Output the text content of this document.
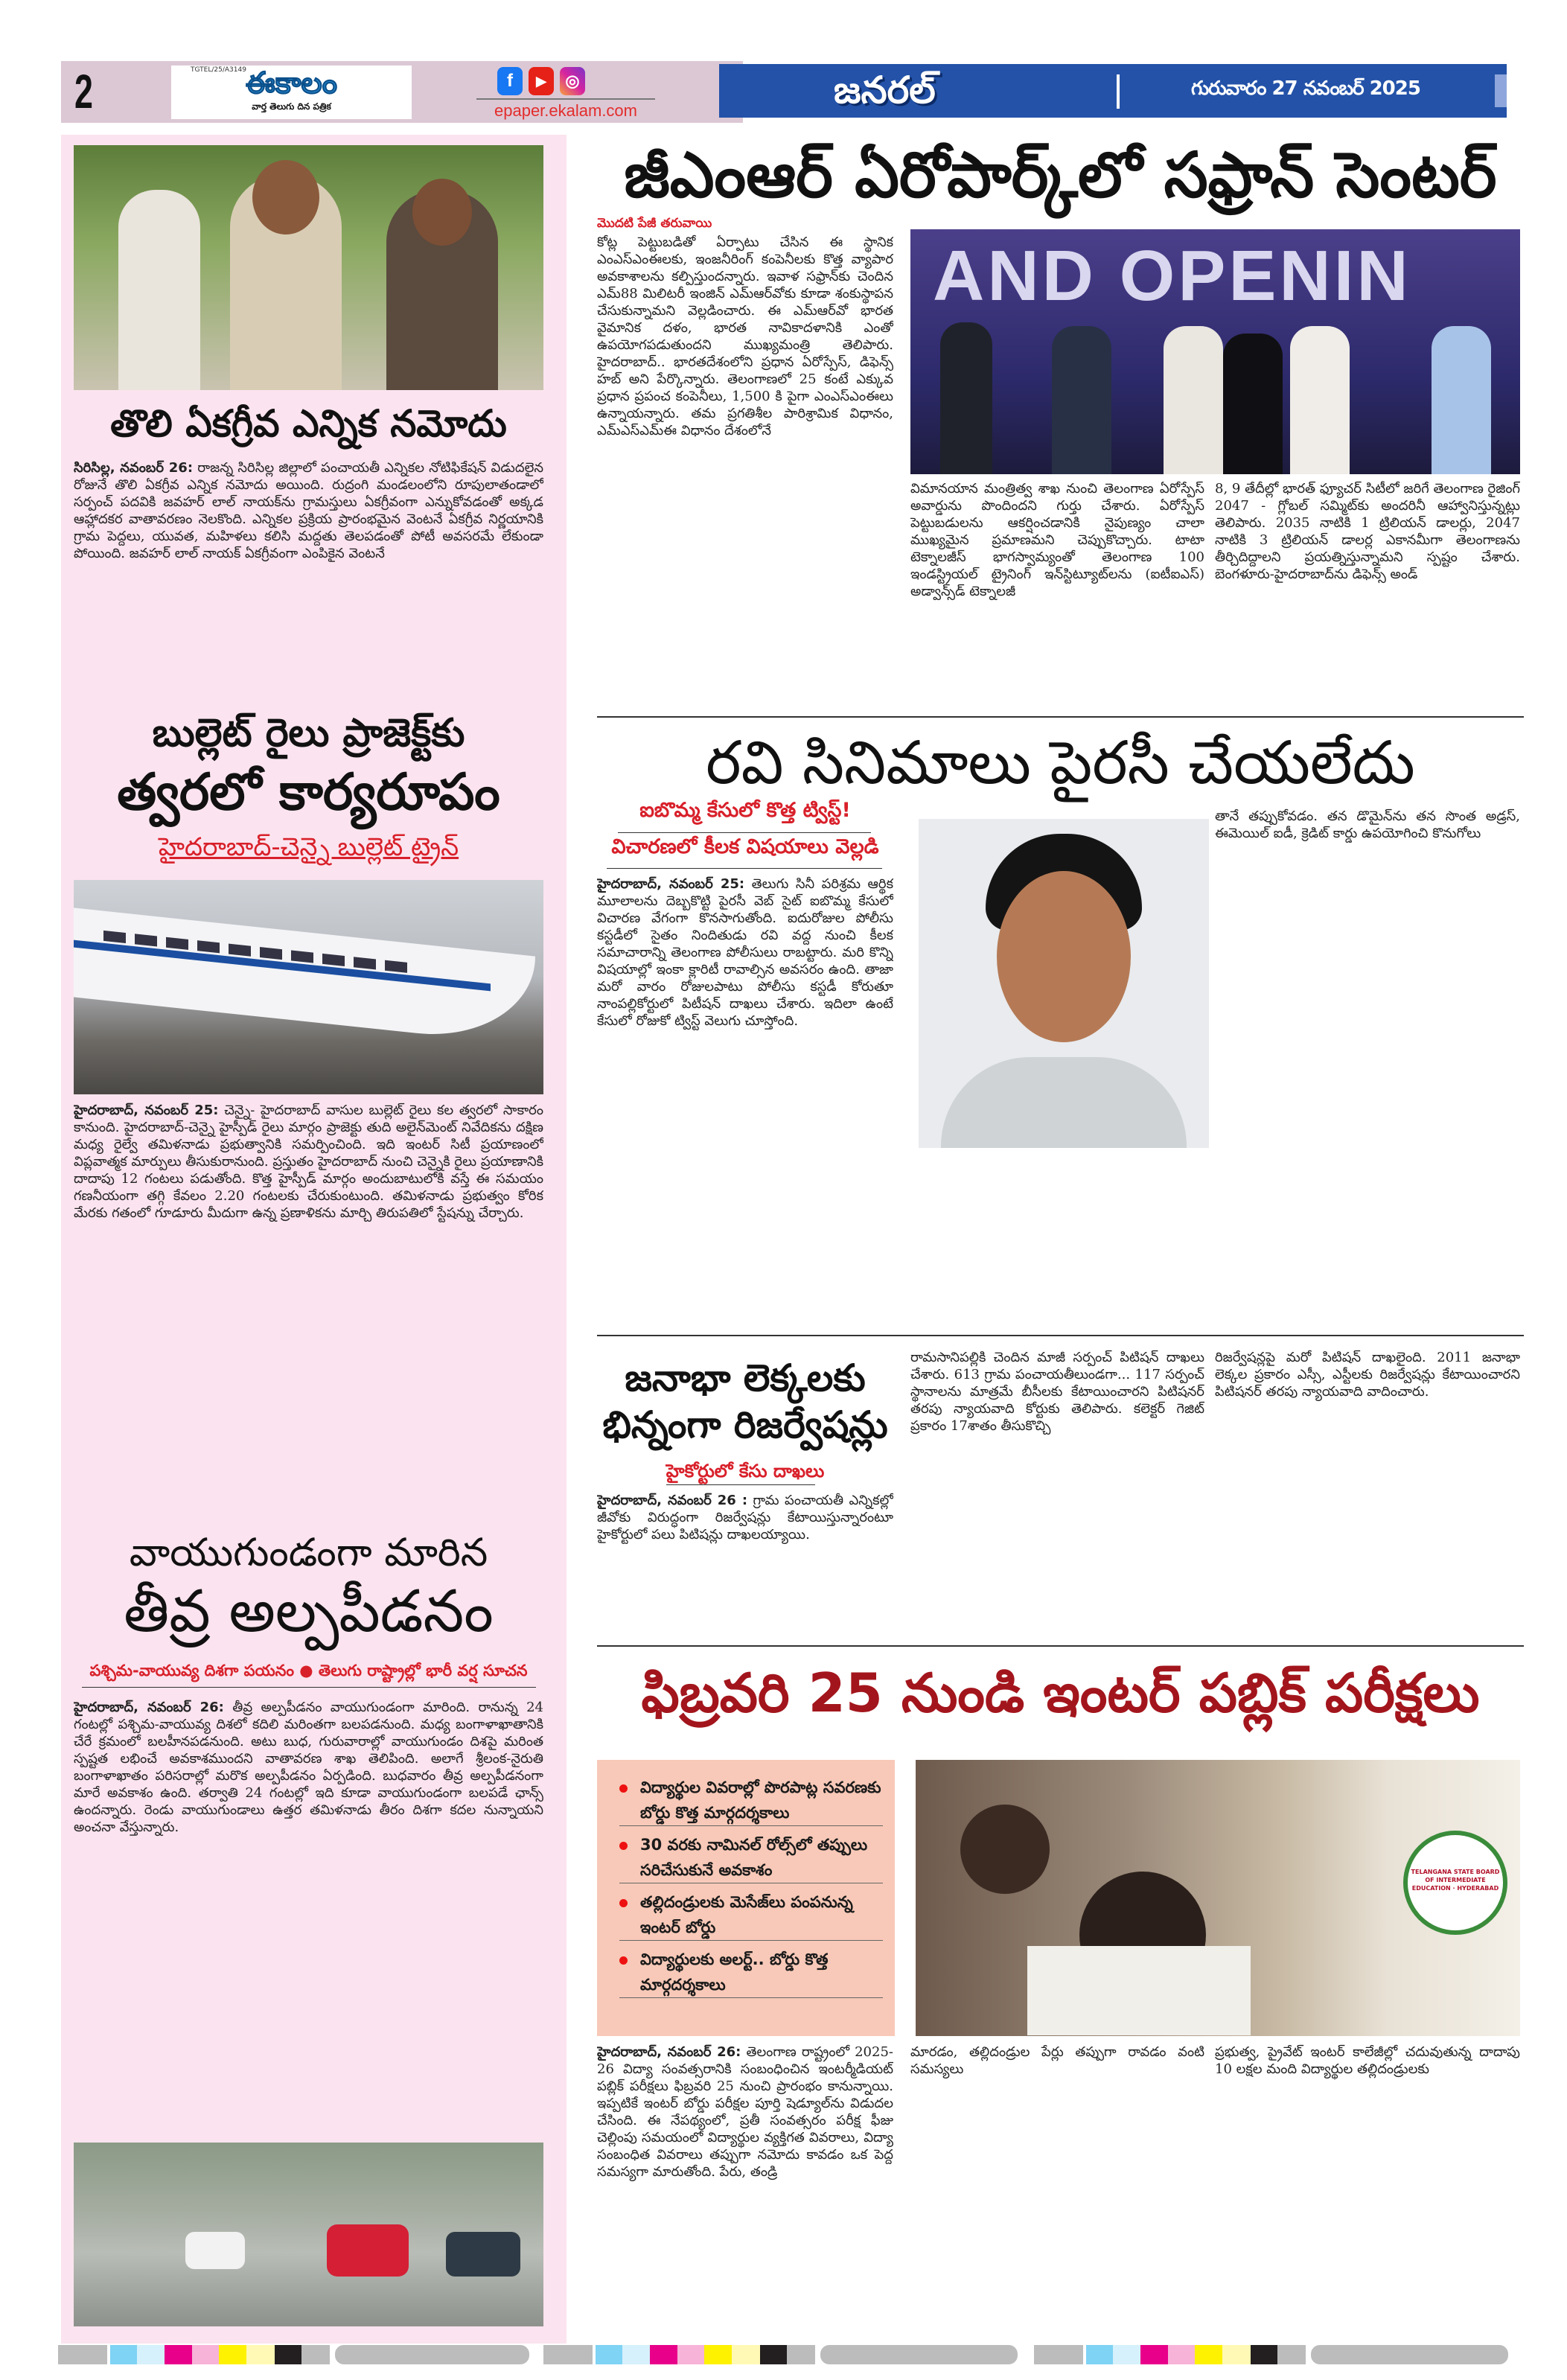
2	TGTEL/25/A3149 ఈకాలం
వార్త తెలుగు దిన పత్రిక
f	▶	◎
epaper.ekalam.com	జనరల్	గురువారం 27 నవంబర్ 2025
తొలి ఏకగ్రీవ ఎన్నిక నమోదు
సిరిసిల్ల, నవంబర్ 26: రాజన్న సిరిసిల్ల జిల్లాలో పంచాయతీ ఎన్నికల నోటిఫికేషన్ విడుదలైన రోజునే తొలి ఏకగ్రీవ ఎన్నిక నమోదు అయింది. రుద్రంగి మండలంలోని రూపులాతండాలో సర్పంచ్ పదవికి జవహర్ లాల్ నాయక్‌ను గ్రామస్తులు ఏకగ్రీవంగా ఎన్నుకోవడంతో అక్కడ ఆహ్లాదకర వాతావరణం నెలకొంది. ఎన్నికల ప్రక్రియ ప్రారంభమైన వెంటనే ఏకగ్రీవ నిర్ణయానికి గ్రామ పెద్దలు, యువత, మహిళలు కలిసి మద్దతు తెలపడంతో పోటీ అవసరమే లేకుండా పోయింది. జవహర్ లాల్ నాయక్ ఏకగ్రీవంగా ఎంపికైన వెంటనే
బుల్లెట్ రైలు ప్రాజెక్ట్‌కు
త్వరలో కార్యరూపం
హైదరాబాద్-చెన్నై బుల్లెట్ ట్రైన్
హైదరాబాద్, నవంబర్ 25: చెన్నై- హైదరాబాద్ వాసుల బుల్లెట్ రైలు కల త్వరలో సాకారం కానుంది. హైదరాబాద్-చెన్నై హైస్పీడ్ రైలు మార్గం ప్రాజెక్టు తుది అలైన్‌మెంట్ నివేదికను దక్షిణ మధ్య రైల్వే తమిళనాడు ప్రభుత్వానికి సమర్పించింది. ఇది ఇంటర్ సిటీ ప్రయాణంలో విప్లవాత్మక మార్పులు తీసుకురానుంది. ప్రస్తుతం హైదరాబాద్ నుంచి చెన్నైకి రైలు ప్రయాణానికి దాదాపు 12 గంటలు పడుతోంది. కొత్త హైస్పీడ్ మార్గం అందుబాటులోకి వస్తే ఈ సమయం గణనీయంగా తగ్గి కేవలం 2.20 గంటలకు చేరుకుంటుంది. తమిళనాడు ప్రభుత్వం కోరిక మేరకు గతంలో గూడూరు మీదుగా ఉన్న ప్రణాళికను మార్చి తిరుపతిలో స్టేషన్ను చేర్చారు.
వాయుగుండంగా మారిన
తీవ్ర అల్పపీడనం
పశ్చిమ-వాయువ్య దిశగా పయనం ● తెలుగు రాష్ట్రాల్లో భారీ వర్ష సూచన
హైదరాబాద్, నవంబర్ 26: తీవ్ర అల్పపీడనం వాయుగుండంగా మారింది. రానున్న 24 గంటల్లో పశ్చిమ-వాయువ్య దిశలో కదిలి మరింతగా బలపడనుంది. మధ్య బంగాళాఖాతానికి చేరే క్రమంలో బలహీనపడనుంది. అటు బుధ, గురువారాల్లో వాయుగుండం దిశపై మరింత స్పష్టత లభించే అవకాశముందని వాతావరణ శాఖ తెలిపింది. అలాగే శ్రీలంక-నైరుతి బంగాళాఖాతం పరిసరాల్లో మరొక అల్పపీడనం ఏర్పడింది. బుధవారం తీవ్ర అల్పపీడనంగా మారే అవకాశం ఉంది. తర్వాతి 24 గంటల్లో ఇది కూడా వాయుగుండంగా బలపడే ఛాన్స్ ఉందన్నారు. రెండు వాయుగుండాలు ఉత్తర తమిళనాడు తీరం దిశగా కదల నున్నాయని అంచనా వేస్తున్నారు.
జీఎంఆర్ ఏరోపార్క్‌లో సఫ్రాన్ సెంటర్
మొదటి పేజీ తరువాయి
కోట్ల పెట్టుబడితో ఏర్పాటు చేసిన ఈ స్థానిక ఎంఎస్ఎంఈలకు, ఇంజనీరింగ్ కంపెనీలకు కొత్త వ్యాపార అవకాశాలను కల్పిస్తుందన్నారు. ఇవాళ సఫ్రాన్‌కు చెందిన ఎమ్88 మిలిటరీ ఇంజిన్ ఎమ్ఆర్‌వోకు కూడా శంకుస్థాపన చేసుకున్నామని వెల్లడించారు. ఈ ఎమ్ఆర్‌వో భారత వైమానిక దళం, భారత నావికాదళానికి ఎంతో ఉపయోగపడుతుందని ముఖ్యమంత్రి తెలిపారు. హైదరాబాద్.. భారతదేశంలోని ప్రధాన ఏరోస్పేస్, డిఫెన్స్ హబ్ అని పేర్కొన్నారు. తెలంగాణలో 25 కంటే ఎక్కువ ప్రధాన ప్రపంచ కంపెనీలు, 1,500 కి పైగా ఎంఎస్ఎంఈలు ఉన్నాయన్నారు. తమ ప్రగతిశీల పారిశ్రామిక విధానం, ఎమ్ఎస్ఎమ్ఈ విధానం దేశంలోనే
AND OPENIN
విమానయాన మంత్రిత్వ శాఖ నుంచి తెలంగాణ ఏరోస్పేస్ అవార్డును పొందిందని గుర్తు చేశారు. ఏరోస్పేస్ పెట్టుబడులను ఆకర్షించడానికి నైపుణ్యం చాలా ముఖ్యమైన ప్రమాణమని చెప్పుకొచ్చారు. టాటా టెక్నాలజీస్ భాగస్వామ్యంతో తెలంగాణ 100 ఇండస్ట్రియల్ ట్రైనింగ్ ఇన్‌స్టిట్యూట్‌లను (ఐటీఐఎస్) అడ్వాన్స్‌డ్ టెక్నాలజీ
8, 9 తేదీల్లో భారత్ ఫ్యూచర్ సిటీలో జరిగే తెలంగాణ రైజింగ్ 2047 - గ్లోబల్ సమ్మిట్‌కు అందరినీ ఆహ్వానిస్తున్నట్లు తెలిపారు. 2035 నాటికి 1 ట్రిలియన్ డాలర్లు, 2047 నాటికి 3 ట్రిలియన్ డాలర్ల ఎకానమీగా తెలంగాణను తీర్చిదిద్దాలని ప్రయత్నిస్తున్నామని స్పష్టం చేశారు. బెంగళూరు-హైదరాబాద్‌ను డిఫెన్స్ అండ్
రవి సినిమాలు పైరసీ చేయలేదు
ఐబొమ్మ కేసులో కొత్త ట్విస్ట్!
విచారణలో కీలక విషయాలు వెల్లడి
హైదరాబాద్, నవంబర్ 25: తెలుగు సినీ పరిశ్రమ ఆర్థిక మూలాలను దెబ్బకొట్టి పైరసీ వెబ్ సైట్ ఐబొమ్మ కేసులో విచారణ వేగంగా కొనసాగుతోంది. ఐదురోజుల పోలీసు కస్టడీలో సైతం నిందితుడు రవి వద్ద నుంచి కీలక సమాచారాన్ని తెలంగాణ పోలీసులు రాబట్టారు. మరి కొన్ని విషయాల్లో ఇంకా క్లారిటీ రావాల్సిన అవసరం ఉంది. తాజా మరో వారం రోజులపాటు పోలీసు కస్టడీ కోరుతూ నాంపల్లికోర్టులో పిటీషన్ దాఖలు చేశారు. ఇదిలా ఉంటే కేసులో రోజుకో ట్విస్ట్ వెలుగు చూస్తోంది.
తానే తప్పుకోవడం. తన డొమైన్‌ను తన సొంత అడ్రస్, ఈమెయిల్ ఐడీ, క్రెడిట్ కార్డు ఉపయోగించి కొనుగోలు
జనాభా లెక్కలకు
భిన్నంగా రిజర్వేషన్లు
హైకోర్టులో కేసు దాఖలు
హైదరాబాద్, నవంబర్ 26 : గ్రామ పంచాయతీ ఎన్నికల్లో జీవోకు విరుద్ధంగా రిజర్వేషన్లు కేటాయిస్తున్నారంటూ హైకోర్టులో పలు పిటిషన్లు దాఖలయ్యాయి.
రామసానిపల్లికి చెందిన మాజీ సర్పంచ్ పిటిషన్ దాఖలు చేశారు. 613 గ్రామ పంచాయతీలుండగా... 117 సర్పంచ్ స్థానాలను మాత్రమే బీసీలకు కేటాయించారని పిటిషనర్ తరపు న్యాయవాది కోర్టుకు తెలిపారు. కలెక్టర్ గెజిట్ ప్రకారం 17శాతం తీసుకొచ్చి
రిజర్వేషన్లపై మరో పిటిషన్ దాఖలైంది. 2011 జనాభా లెక్కల ప్రకారం ఎస్సీ, ఎస్టీలకు రిజర్వేషన్లు కేటాయించారని పిటిషనర్ తరపు న్యాయవాది వాదించారు.
ఫిబ్రవరి 25 నుండి ఇంటర్ పబ్లిక్ పరీక్షలు
విద్యార్థుల వివరాల్లో పొరపాట్ల సవరణకు బోర్డు కొత్త మార్గదర్శకాలు
30 వరకు నామినల్ రోల్స్‌లో తప్పులు సరిచేసుకునే అవకాశం
తల్లిదండ్రులకు మెసేజ్‌లు పంపనున్న ఇంటర్ బోర్డు
విద్యార్థులకు అలర్ట్.. బోర్డు కొత్త మార్గదర్శకాలు
TELANGANA STATE BOARD OF INTERMEDIATE EDUCATION · HYDERABAD
హైదరాబాద్, నవంబర్ 26: తెలంగాణ రాష్ట్రంలో 2025-26 విద్యా సంవత్సరానికి సంబంధించిన ఇంటర్మీడియట్ పబ్లిక్ పరీక్షలు ఫిబ్రవరి 25 నుంచి ప్రారంభం కానున్నాయి. ఇప్పటికే ఇంటర్ బోర్డు పరీక్షల పూర్తి షెడ్యూల్‌ను విడుదల చేసింది. ఈ నేపథ్యంలో, ప్రతీ సంవత్సరం పరీక్ష ఫీజు చెల్లింపు సమయంలో విద్యార్థుల వ్యక్తిగత వివరాలు, విద్యా సంబంధిత వివరాలు తప్పుగా నమోదు కావడం ఒక పెద్ద సమస్యగా మారుతోంది. పేరు, తండ్రి
మారడం, తల్లిదండ్రుల పేర్లు తప్పుగా రావడం వంటి సమస్యలు
ప్రభుత్వ, ప్రైవేట్ ఇంటర్ కాలేజీల్లో చదువుతున్న దాదాపు 10 లక్షల మంది విద్యార్థుల తల్లిదండ్రులకు
